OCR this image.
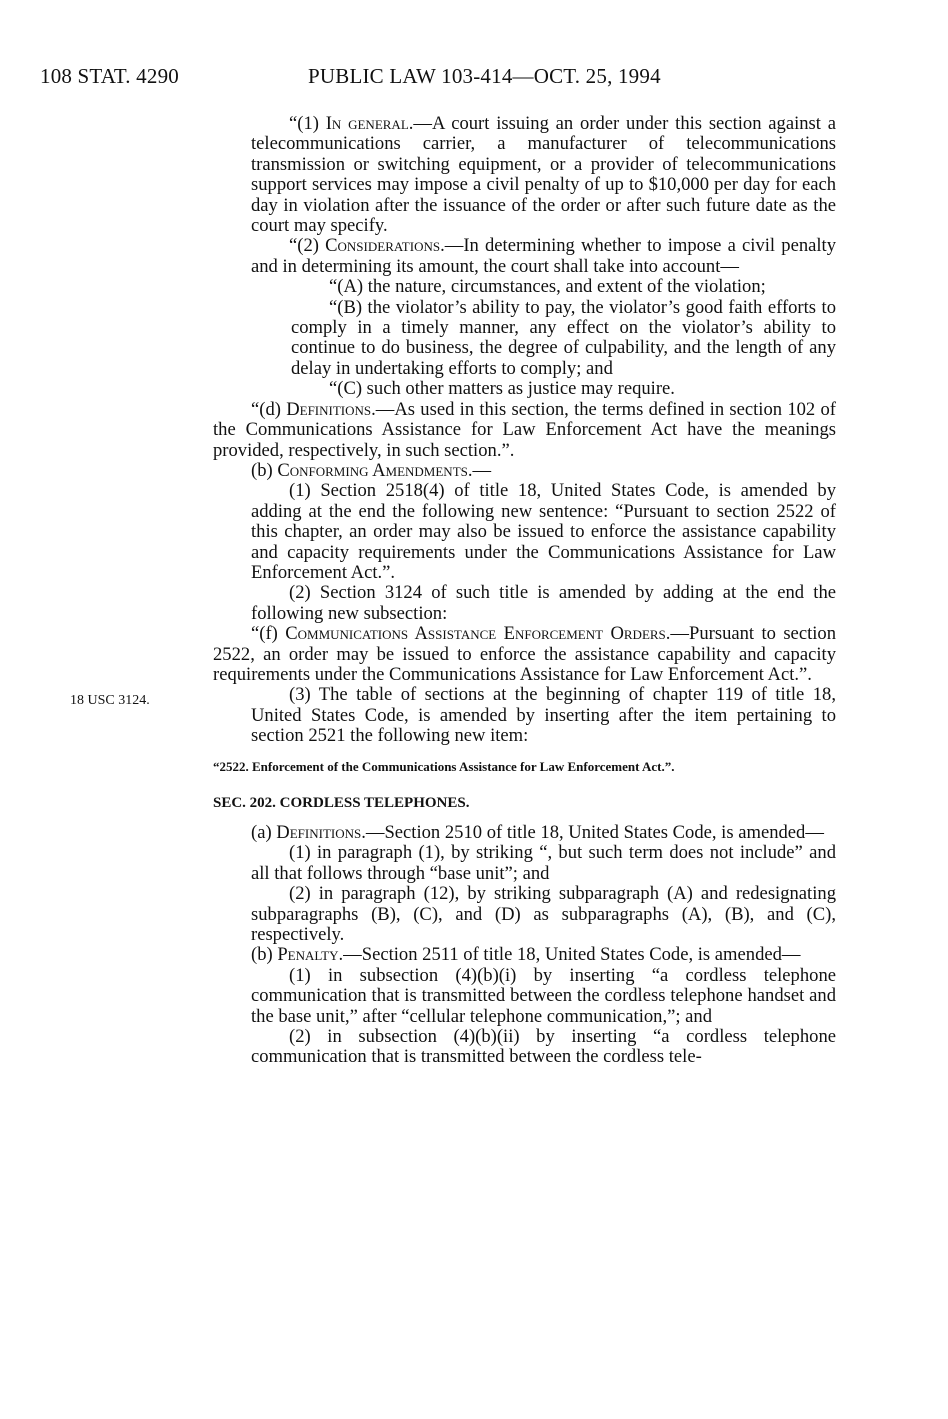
108 STAT. 4290	PUBLIC LAW 103-414—OCT. 25, 1994
18 USC 3124.

“(1) In general.—A court issuing an order under this section against a telecommunications carrier, a manufacturer of telecommunications transmission or switching equipment, or a provider of telecommunications support services may impose a civil penalty of up to $10,000 per day for each day in violation after the issuance of the order or after such future date as the court may specify.

“(2) Considerations.—In determining whether to impose a civil penalty and in determining its amount, the court shall take into account—

“(A) the nature, circumstances, and extent of the violation;

“(B) the violator’s ability to pay, the violator’s good faith efforts to comply in a timely manner, any effect on the violator’s ability to continue to do business, the degree of culpability, and the length of any delay in undertaking efforts to comply; and

“(C) such other matters as justice may require.

“(d) Definitions.—As used in this section, the terms defined in section 102 of the Communications Assistance for Law Enforcement Act have the meanings provided, respectively, in such section.”.

(b) Conforming Amendments.—

(1) Section 2518(4) of title 18, United States Code, is amended by adding at the end the following new sentence: “Pursuant to section 2522 of this chapter, an order may also be issued to enforce the assistance capability and capacity requirements under the Communications Assistance for Law Enforcement Act.”.

(2) Section 3124 of such title is amended by adding at the end the following new subsection:

“(f) Communications Assistance Enforcement Orders.—Pursuant to section 2522, an order may be issued to enforce the assistance capability and capacity requirements under the Communications Assistance for Law Enforcement Act.”.

(3) The table of sections at the beginning of chapter 119 of title 18, United States Code, is amended by inserting after the item pertaining to section 2521 the following new item:

“2522. Enforcement of the Communications Assistance for Law Enforcement Act.”.

SEC. 202. CORDLESS TELEPHONES.

(a) Definitions.—Section 2510 of title 18, United States Code, is amended—

(1) in paragraph (1), by striking “, but such term does not include” and all that follows through “base unit”; and

(2) in paragraph (12), by striking subparagraph (A) and redesignating subparagraphs (B), (C), and (D) as subparagraphs (A), (B), and (C), respectively.

(b) Penalty.—Section 2511 of title 18, United States Code, is amended—

(1) in subsection (4)(b)(i) by inserting “a cordless telephone communication that is transmitted between the cordless telephone handset and the base unit,” after “cellular telephone communication,”; and

(2) in subsection (4)(b)(ii) by inserting “a cordless telephone communication that is transmitted between the cordless tele-
